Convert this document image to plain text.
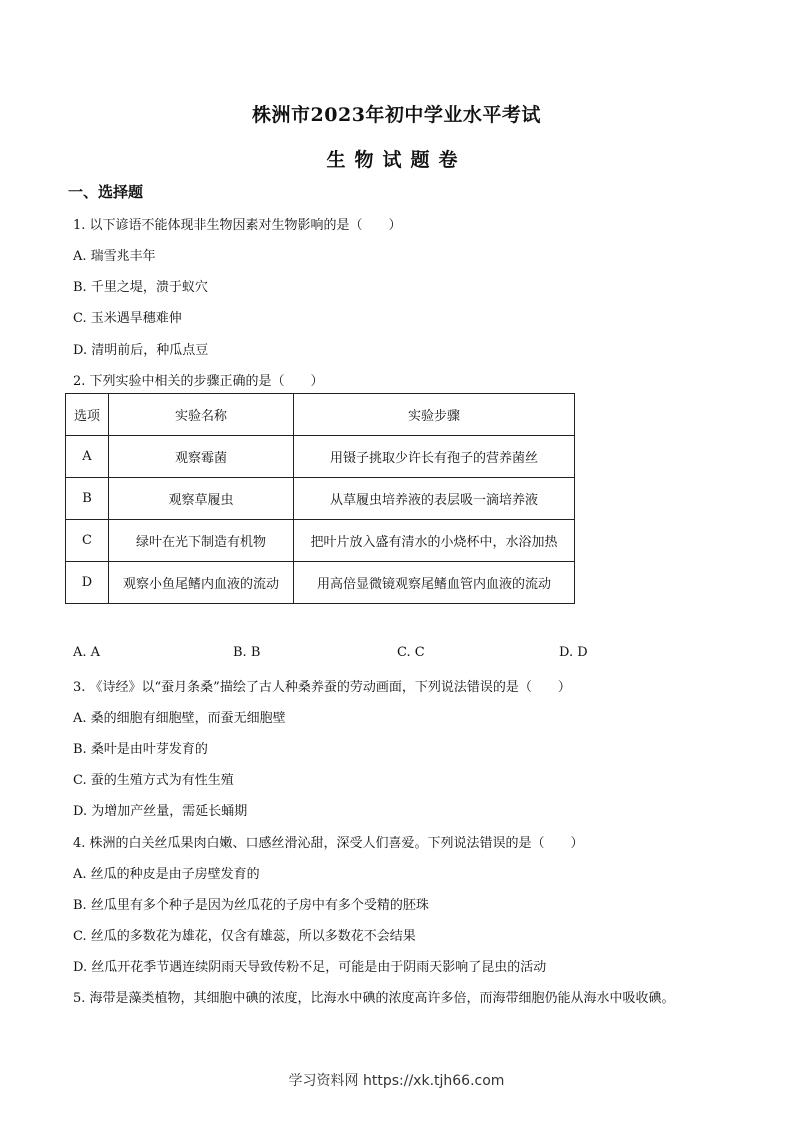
株洲市2023年初中学业水平考试
生物试题卷
一、选择题
1. 以下谚语不能体现非生物因素对生物影响的是（　　）
A. 瑞雪兆丰年
B. 千里之堤，溃于蚁穴
C. 玉米遇旱穗难伸
D. 清明前后，种瓜点豆
2. 下列实验中相关的步骤正确的是（　　）
选项	实验名称	实验步骤
A	观察霉菌	用镊子挑取少许长有孢子的营养菌丝
B	观察草履虫	从草履虫培养液的表层吸一滴培养液
C	绿叶在光下制造有机物	把叶片放入盛有清水的小烧杯中，水浴加热
D	观察小鱼尾鳍内血液的流动	用高倍显微镜观察尾鳍血管内血液的流动
A. A	B. B	C. C	D. D
3. 《诗经》以“蚕月条桑”描绘了古人种桑养蚕的劳动画面，下列说法错误的是（　　）
A. 桑的细胞有细胞壁，而蚕无细胞壁
B. 桑叶是由叶芽发育的
C. 蚕的生殖方式为有性生殖
D. 为增加产丝量，需延长蛹期
4. 株洲的白关丝瓜果肉白嫩、口感丝滑沁甜，深受人们喜爱。下列说法错误的是（　　）
A. 丝瓜的种皮是由子房壁发育的
B. 丝瓜里有多个种子是因为丝瓜花的子房中有多个受精的胚珠
C. 丝瓜的多数花为雄花，仅含有雄蕊，所以多数花不会结果
D. 丝瓜开花季节遇连续阴雨天导致传粉不足，可能是由于阴雨天影响了昆虫的活动
5. 海带是藻类植物，其细胞中碘的浓度，比海水中碘的浓度高许多倍，而海带细胞仍能从海水中吸收碘。
学习资料网 https://xk.tjh66.com
